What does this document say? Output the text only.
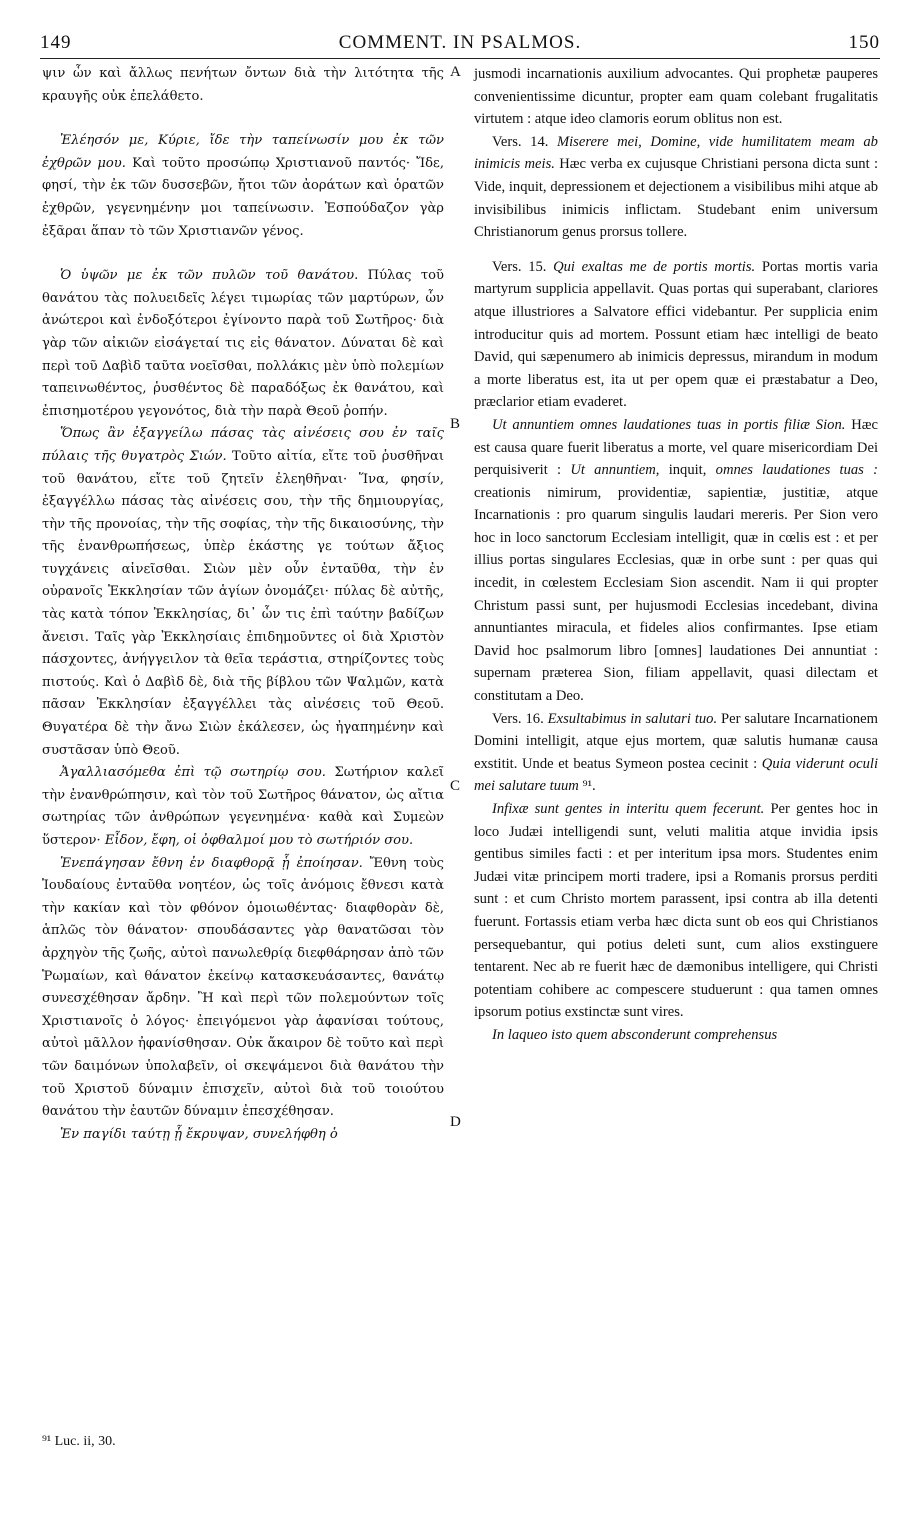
149	COMMENT. IN PSALMOS.	150
A
B
C
D

ψιν ὧν καὶ ἄλλως πενήτων ὄντων διὰ τὴν λιτότητα τῆς κραυγῆς οὐκ ἐπελάθετο.

Ἐλέησόν με, Κύριε, ἴδε τὴν ταπείνωσίν μου ἐκ τῶν ἐχθρῶν μου. Καὶ τοῦτο προσώπῳ Χριστιανοῦ παντός· Ἴδε, φησί, τὴν ἐκ τῶν δυσσεβῶν, ἤτοι τῶν ἀοράτων καὶ ὁρατῶν ἐχθρῶν, γεγενημένην μοι ταπείνωσιν. Ἐσπούδαζον γὰρ ἐξᾶραι ἅπαν τὸ τῶν Χριστιανῶν γένος.

Ὁ ὑψῶν με ἐκ τῶν πυλῶν τοῦ θανάτου. Πύλας τοῦ θανάτου τὰς πολυειδεῖς λέγει τιμωρίας τῶν μαρτύρων, ὧν ἀνώτεροι καὶ ἐνδοξότεροι ἐγίνοντο παρὰ τοῦ Σωτῆρος· διὰ γὰρ τῶν αἰκιῶν εἰσάγεταί τις εἰς θάνατον. Δύναται δὲ καὶ περὶ τοῦ Δαβὶδ ταῦτα νοεῖσθαι, πολλάκις μὲν ὑπὸ πολεμίων ταπεινωθέντος, ῥυσθέντος δὲ παραδόξως ἐκ θανάτου, καὶ ἐπισημοτέρου γεγονότος, διὰ τὴν παρὰ Θεοῦ ῥοπήν.

Ὅπως ἂν ἐξαγγείλω πάσας τὰς αἰνέσεις σου ἐν ταῖς πύλαις τῆς θυγατρὸς Σιών. Τοῦτο αἰτία, εἴτε τοῦ ῥυσθῆναι τοῦ θανάτου, εἴτε τοῦ ζητεῖν ἐλεηθῆναι· Ἵνα, φησίν, ἐξαγγέλλω πάσας τὰς αἰνέσεις σου, τὴν τῆς δημιουργίας, τὴν τῆς προνοίας, τὴν τῆς σοφίας, τὴν τῆς δικαιοσύνης, τὴν τῆς ἐνανθρωπήσεως, ὑπὲρ ἑκάστης γε τούτων ἄξιος τυγχάνεις αἰνεῖσθαι. Σιὼν μὲν οὖν ἐνταῦθα, τὴν ἐν οὐρανοῖς Ἐκκλησίαν τῶν ἁγίων ὀνομάζει· πύλας δὲ αὐτῆς, τὰς κατὰ τόπον Ἐκκλησίας, δι᾽ ὧν τις ἐπὶ ταύτην βαδίζων ἄνεισι. Ταῖς γὰρ Ἐκκλησίαις ἐπιδημοῦντες οἱ διὰ Χριστὸν πάσχοντες, ἀνήγγειλον τὰ θεῖα τεράστια, στηρίζοντες τοὺς πιστούς. Καὶ ὁ Δαβὶδ δὲ, διὰ τῆς βίβλου τῶν Ψαλμῶν, κατὰ πᾶσαν Ἐκκλησίαν ἐξαγγέλλει τὰς αἰνέσεις τοῦ Θεοῦ. Θυγατέρα δὲ τὴν ἄνω Σιὼν ἐκάλεσεν, ὡς ἠγαπημένην καὶ συστᾶσαν ὑπὸ Θεοῦ.

Ἀγαλλιασόμεθα ἐπὶ τῷ σωτηρίῳ σου. Σωτήριον καλεῖ τὴν ἐνανθρώπησιν, καὶ τὸν τοῦ Σωτῆρος θάνατον, ὡς αἴτια σωτηρίας τῶν ἀνθρώπων γεγενημένα· καθὰ καὶ Συμεὼν ὕστερον· Εἶδον, ἔφη, οἱ ὀφθαλμοί μου τὸ σωτήριόν σου.

Ἐνεπάγησαν ἔθνη ἐν διαφθορᾷ ᾗ ἐποίησαν. Ἔθνη τοὺς Ἰουδαίους ἐνταῦθα νοητέον, ὡς τοῖς ἀνόμοις ἔθνεσι κατὰ τὴν κακίαν καὶ τὸν φθόνον ὁμοιωθέντας· διαφθορὰν δὲ, ἁπλῶς τὸν θάνατον· σπουδάσαντες γὰρ θανατῶσαι τὸν ἀρχηγὸν τῆς ζωῆς, αὐτοὶ πανωλεθρίᾳ διεφθάρησαν ἀπὸ τῶν Ῥωμαίων, καὶ θάνατον ἐκείνῳ κατασκευάσαντες, θανάτῳ συνεσχέθησαν ἄρδην. Ἢ καὶ περὶ τῶν πολεμούντων τοῖς Χριστιανοῖς ὁ λόγος· ἐπειγόμενοι γὰρ ἀφανίσαι τούτους, αὐτοὶ μᾶλλον ἠφανίσθησαν. Οὐκ ἄκαιρον δὲ τοῦτο καὶ περὶ τῶν δαιμόνων ὑπολαβεῖν, οἱ σκεψάμενοι διὰ θανάτου τὴν τοῦ Χριστοῦ δύναμιν ἐπισχεῖν, αὐτοὶ διὰ τοῦ τοιούτου θανάτου τὴν ἑαυτῶν δύναμιν ἐπεσχέθησαν.

Ἐν παγίδι ταύτῃ ᾗ ἔκρυψαν, συνελήφθη ὁ

jusmodi incarnationis auxilium advocantes. Qui prophetæ pauperes convenientissime dicuntur, propter eam quam colebant frugalitatis virtutem : atque ideo clamoris eorum oblitus non est.

Vers. 14. Miserere mei, Domine, vide humilitatem meam ab inimicis meis. Hæc verba ex cujusque Christiani persona dicta sunt : Vide, inquit, depressionem et dejectionem a visibilibus mihi atque ab invisibilibus inimicis inflictam. Studebant enim universum Christianorum genus prorsus tollere.

Vers. 15. Qui exaltas me de portis mortis. Portas mortis varia martyrum supplicia appellavit. Quas portas qui superabant, clariores atque illustriores a Salvatore effici videbantur. Per supplicia enim introducitur quis ad mortem. Possunt etiam hæc intelligi de beato David, qui sæpenumero ab inimicis depressus, mirandum in modum a morte liberatus est, ita ut per opem quæ ei præstabatur a Deo, præclarior etiam evaderet.

Ut annuntiem omnes laudationes tuas in portis filiæ Sion. Hæc est causa quare fuerit liberatus a morte, vel quare misericordiam Dei perquisiverit : Ut annuntiem, inquit, omnes laudationes tuas : creationis nimirum, providentiæ, sapientiæ, justitiæ, atque Incarnationis : pro quarum singulis laudari mereris. Per Sion vero hoc in loco sanctorum Ecclesiam intelligit, quæ in cœlis est : et per illius portas singulares Ecclesias, quæ in orbe sunt : per quas qui incedit, in cœlestem Ecclesiam Sion ascendit. Nam ii qui propter Christum passi sunt, per hujusmodi Ecclesias incedebant, divina annuntiantes miracula, et fideles alios confirmantes. Ipse etiam David hoc psalmorum libro [omnes] laudationes Dei annuntiat : supernam præterea Sion, filiam appellavit, quasi dilectam et constitutam a Deo.

Vers. 16. Exsultabimus in salutari tuo. Per salutare Incarnationem Domini intelligit, atque ejus mortem, quæ salutis humanæ causa exstitit. Unde et beatus Symeon postea cecinit : Quia viderunt oculi mei salutare tuum ⁹¹.

Infixæ sunt gentes in interitu quem fecerunt. Per gentes hoc in loco Judæi intelligendi sunt, veluti malitia atque invidia ipsis gentibus similes facti : et per interitum ipsa mors. Studentes enim Judæi vitæ principem morti tradere, ipsi a Romanis prorsus perditi sunt : et cum Christo mortem parassent, ipsi contra ab illa detenti fuerunt. Fortassis etiam verba hæc dicta sunt ob eos qui Christianos persequebantur, qui potius deleti sunt, cum alios exstinguere tentarent. Nec ab re fuerit hæc de dæmonibus intelligere, qui Christi potentiam cohibere ac compescere studuerunt : qua tamen omnes ipsorum potius exstinctæ sunt vires.

In laqueo isto quem absconderunt comprehensus

⁹¹ Luc. ii, 30.
